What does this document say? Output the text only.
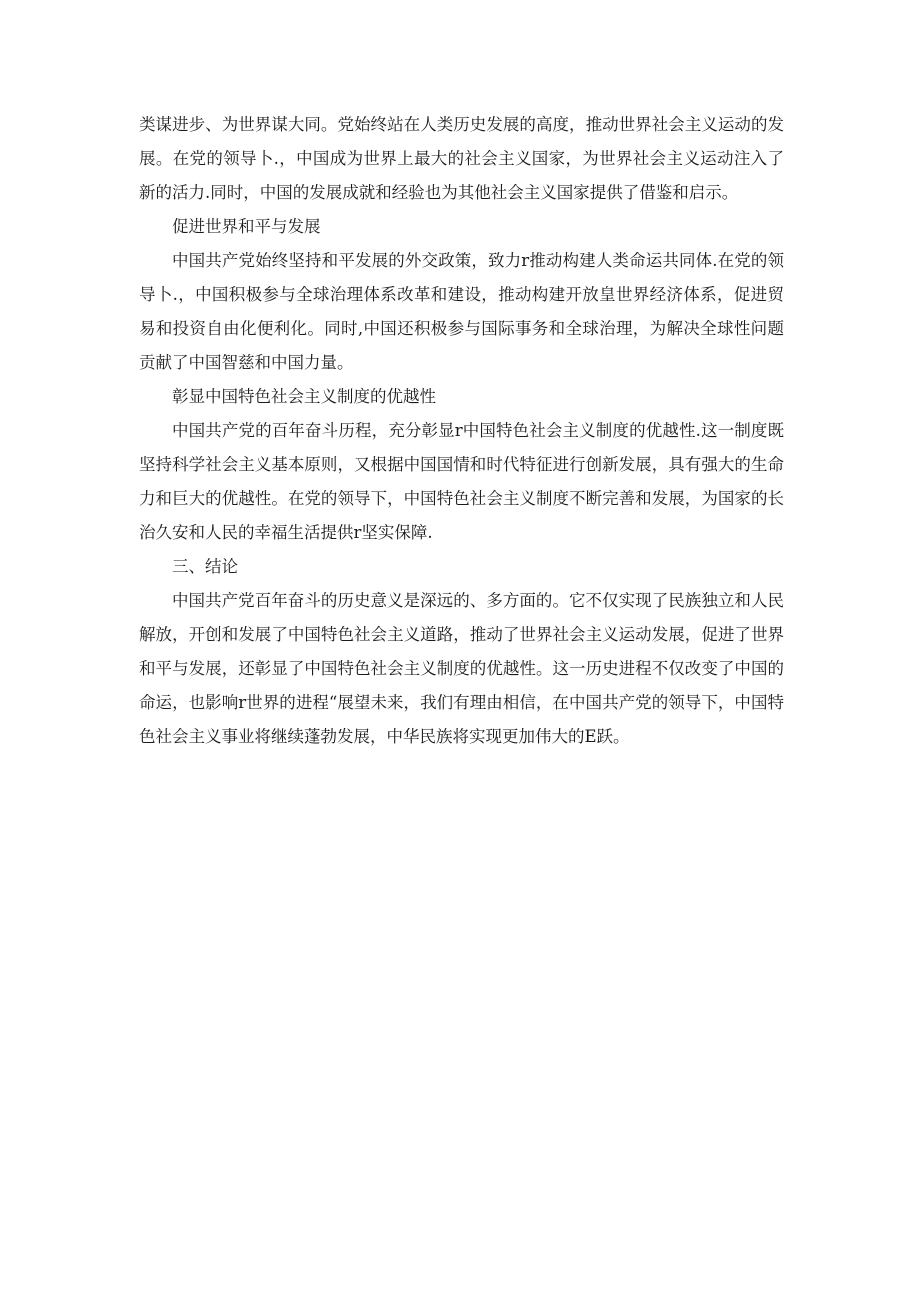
类谋进步、为世界谋大同。党始终站在人类历史发展的高度，推动世界社会主义运动的发展。在党的领导卜.，中国成为世界上最大的社会主义国家，为世界社会主义运动注入了新的活力.同时，中国的发展成就和经验也为其他社会主义国家提供了借鉴和启示。

促进世界和平与发展

中国共产党始终坚持和平发展的外交政策，致力r推动构建人类命运共同体.在党的领导卜.，中国积极参与全球治理体系改革和建设，推动构建开放皇世界经济体系，促进贸易和投资自由化便利化。同时,中国还积极参与国际事务和全球治理，为解决全球性问题贡献了中国智慈和中国力量。

彰显中国特色社会主义制度的优越性

中国共产党的百年奋斗历程，充分彰显r中国特色社会主义制度的优越性.这一制度既坚持科学社会主义基本原则，又根据中国国情和时代特征进行创新发展，具有强大的生命力和巨大的优越性。在党的领导下，中国特色社会主义制度不断完善和发展，为国家的长治久安和人民的幸福生活提供r坚实保障.

三、结论

中国共产党百年奋斗的历史意义是深远的、多方面的。它不仅实现了民族独立和人民解放，开创和发展了中国特色社会主义道路，推动了世界社会主义运动发展，促进了世界和平与发展，还彰显了中国特色社会主义制度的优越性。这一历史进程不仅改变了中国的命运，也影响r世界的进程“展望未来，我们有理由相信，在中国共产党的领导下，中国特色社会主义事业将继续蓬勃发展，中华民族将实现更加伟大的E跃。
